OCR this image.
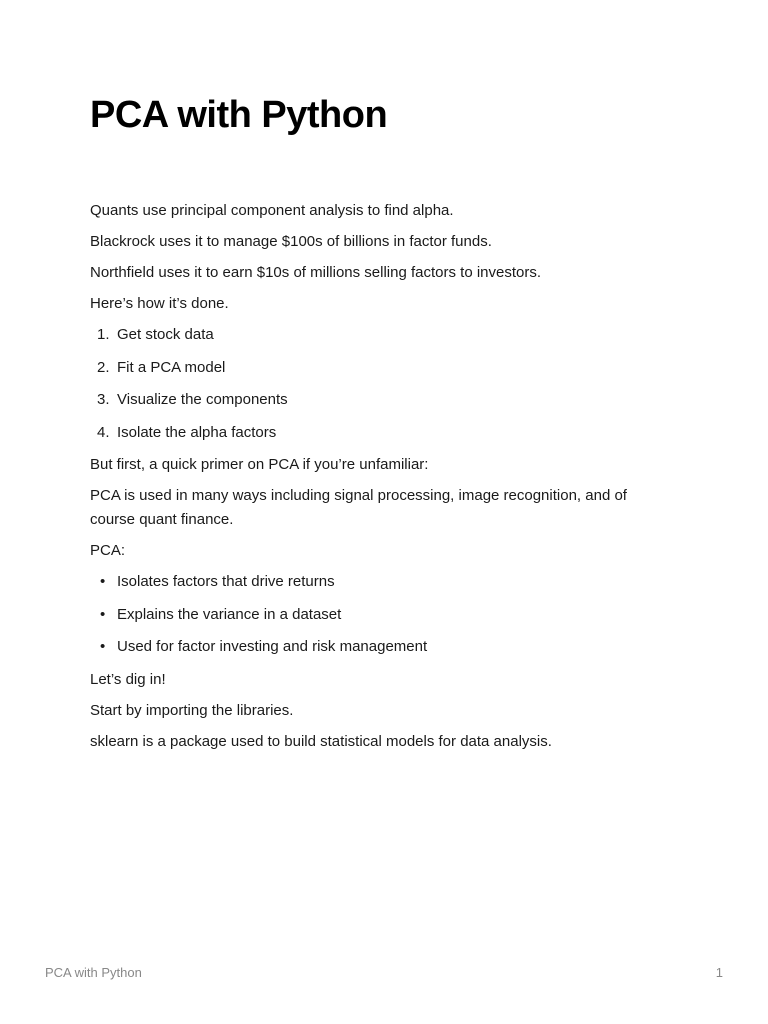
PCA with Python

Quants use principal component analysis to find alpha.

Blackrock uses it to manage $100s of billions in factor funds.

Northfield uses it to earn $10s of millions selling factors to investors.

Here’s how it’s done.

1. Get stock data
2. Fit a PCA model
3. Visualize the components
4. Isolate the alpha factors

But first, a quick primer on PCA if you’re unfamiliar:

PCA is used in many ways including signal processing, image recognition, and of course quant finance.

PCA:

• Isolates factors that drive returns
• Explains the variance in a dataset
• Used for factor investing and risk management

Let’s dig in!

Start by importing the libraries.

sklearn is a package used to build statistical models for data analysis.

PCA with Python	1
